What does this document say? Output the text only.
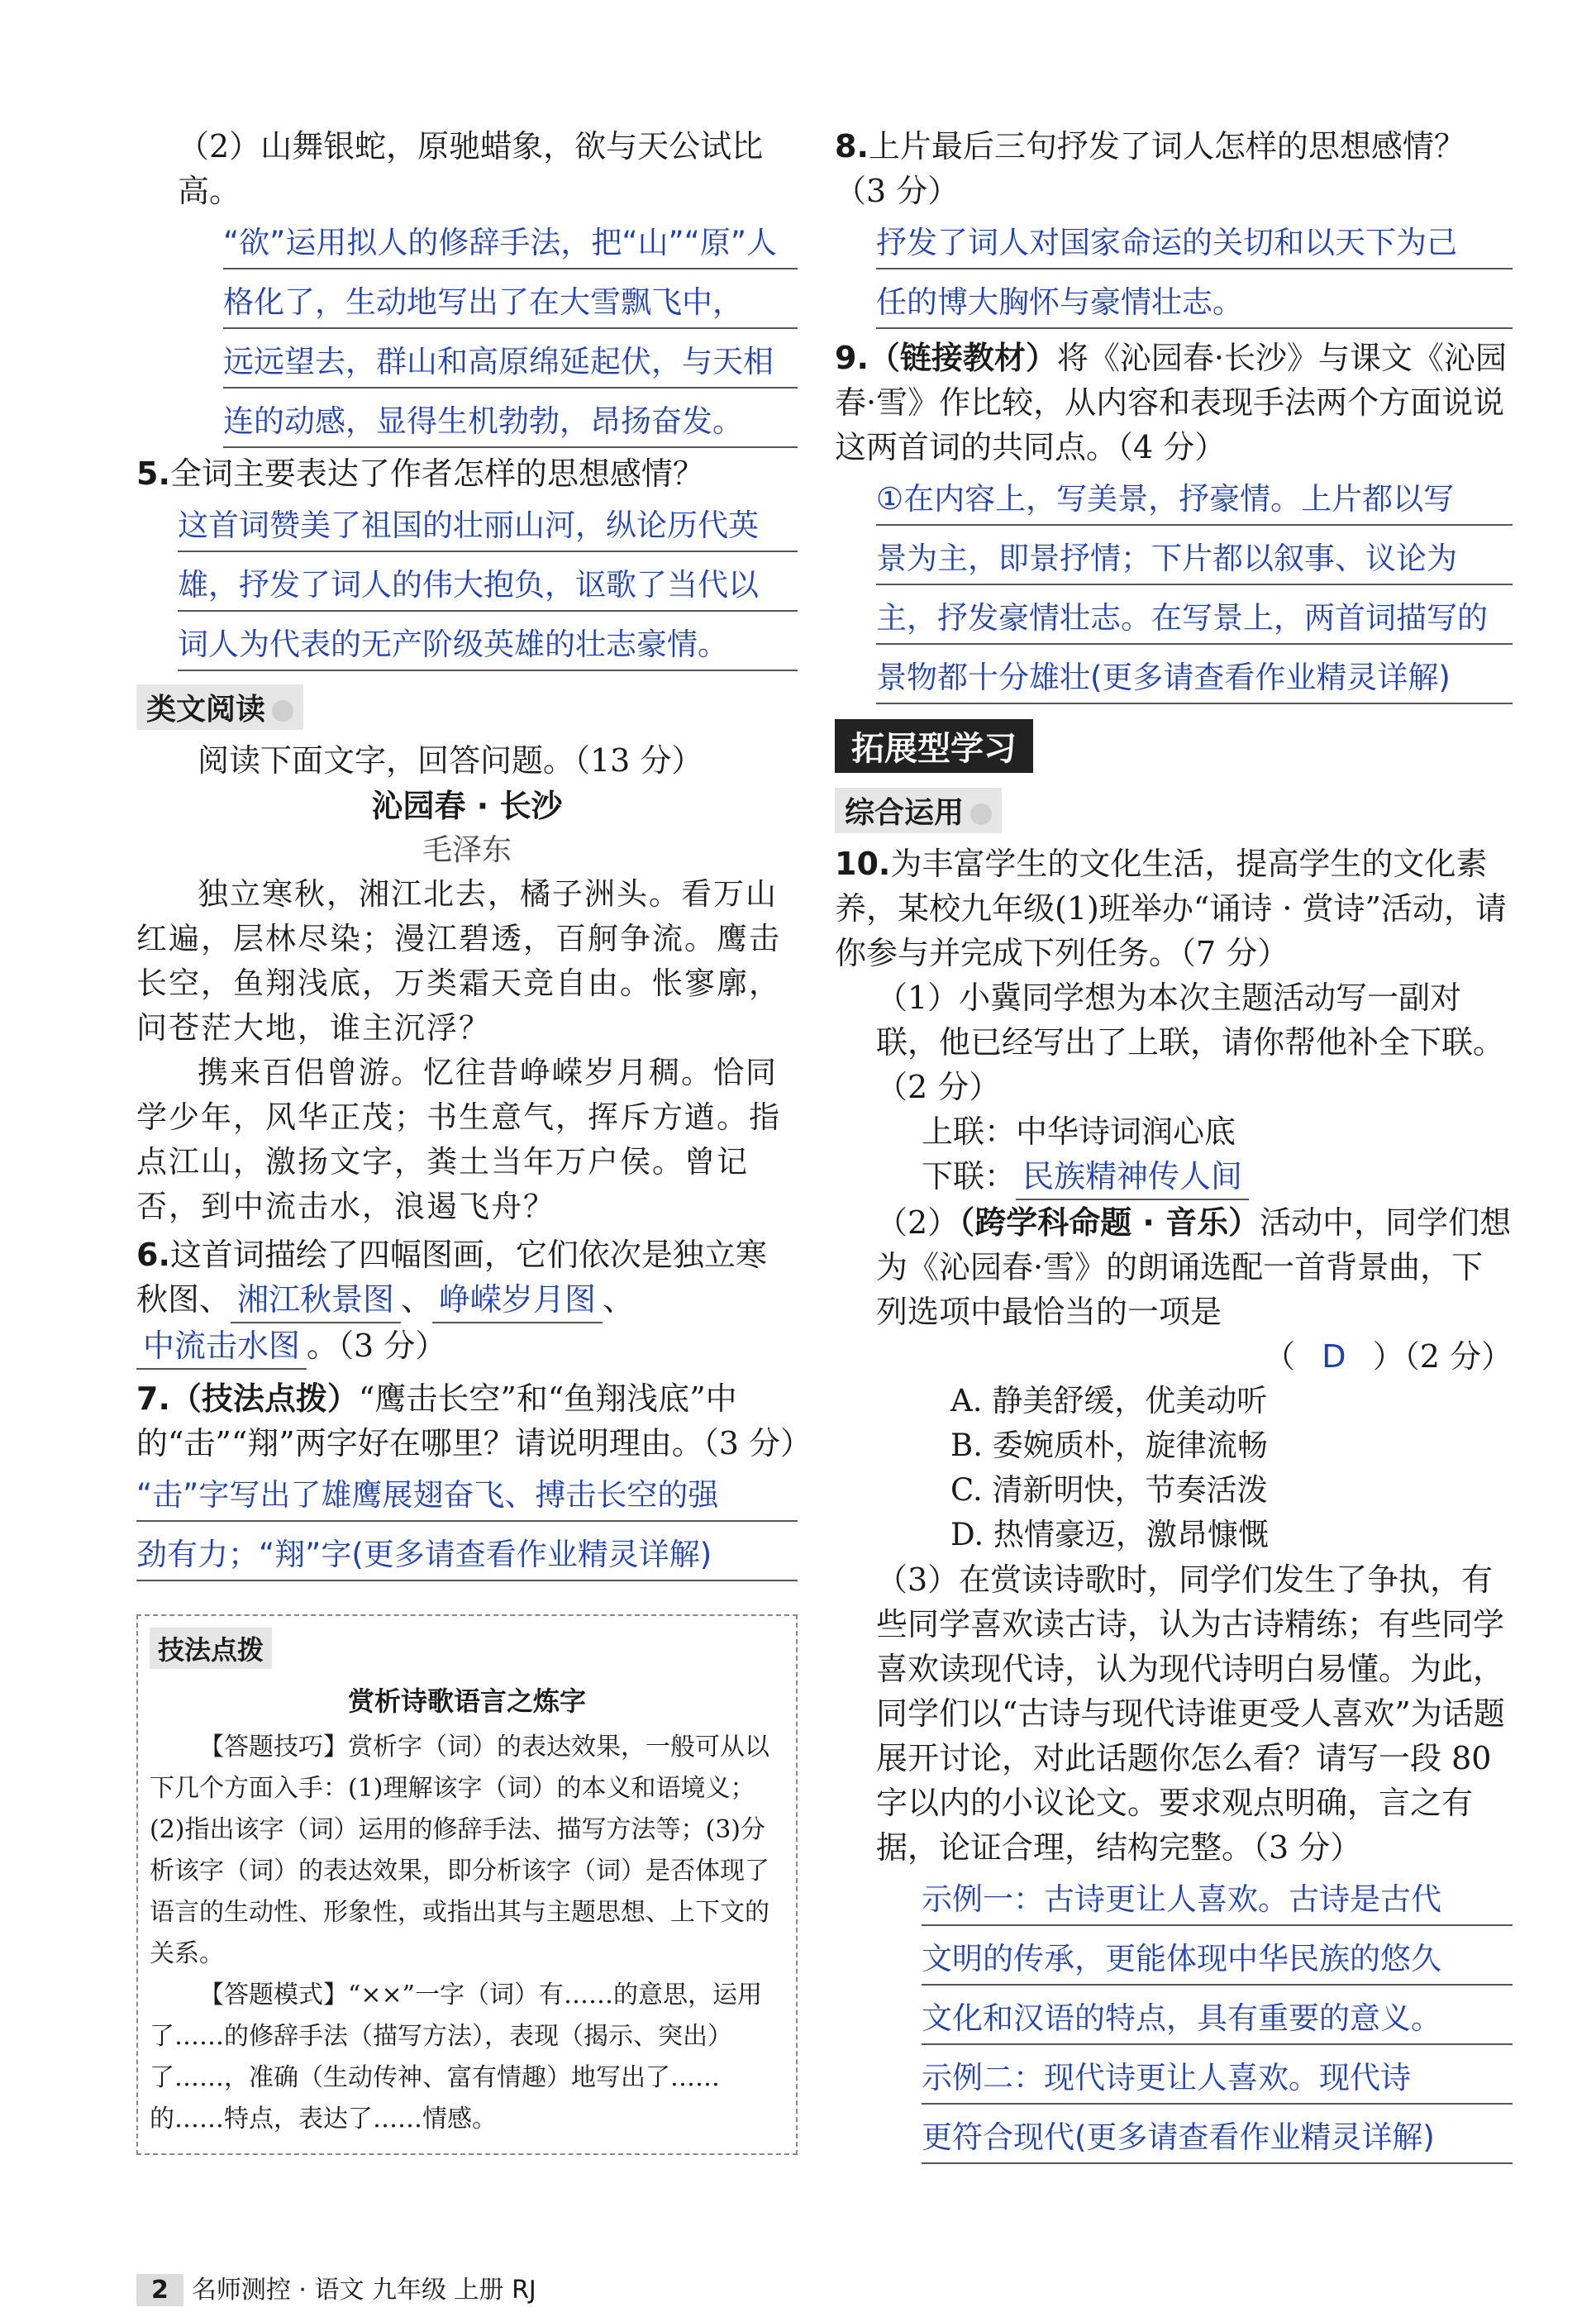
（2）山舞银蛇，原驰蜡象，欲与天公试比高。

“欲”运用拟人的修辞手法，把“山”“原”人

格化了，生动地写出了在大雪飘飞中，

远远望去，群山和高原绵延起伏，与天相

连的动感，显得生机勃勃，昂扬奋发。

5.全词主要表达了作者怎样的思想感情？

这首词赞美了祖国的壮丽山河，纵论历代英

雄，抒发了词人的伟大抱负，讴歌了当代以

词人为代表的无产阶级英雄的壮志豪情。

类文阅读

阅读下面文字，回答问题。（13 分）

沁园春 · 长沙
毛泽东

独立寒秋，湘江北去，橘子洲头。看万山红遍，层林尽染；漫江碧透，百舸争流。鹰击长空，鱼翔浅底，万类霜天竞自由。怅寥廓，问苍茫大地，谁主沉浮？

携来百侣曾游。忆往昔峥嵘岁月稠。恰同学少年，风华正茂；书生意气，挥斥方遒。指点江山，激扬文字，粪土当年万户侯。曾记否，到中流击水，浪遏飞舟？

6.这首词描绘了四幅图画，它们依次是独立寒秋图、 湘江秋景图 、 峥嵘岁月图 、中流击水图 。（3 分）

7.（技法点拨）“鹰击长空”和“鱼翔浅底”中的“击”“翔”两字好在哪里？请说明理由。（3 分）

“击”字写出了雄鹰展翅奋飞、搏击长空的强

劲有力；“翔”字(更多请查看作业精灵详解)

技法点拨
赏析诗歌语言之炼字

【答题技巧】赏析字（词）的表达效果，一般可从以下几个方面入手：(1)理解该字（词）的本义和语境义；(2)指出该字（词）运用的修辞手法、描写方法等；(3)分析该字（词）的表达效果，即分析该字（词）是否体现了语言的生动性、形象性，或指出其与主题思想、上下文的关系。

【答题模式】“××”一字（词）有……的意思，运用了……的修辞手法（描写方法），表现（揭示、突出）了……，准确（生动传神、富有情趣）地写出了……的……特点，表达了……情感。

8.上片最后三句抒发了词人怎样的思想感情？（3 分）

抒发了词人对国家命运的关切和以天下为己

任的博大胸怀与豪情壮志。

9.（链接教材）将《沁园春·长沙》与课文《沁园春·雪》作比较，从内容和表现手法两个方面说说这两首词的共同点。（4 分）

①在内容上，写美景，抒豪情。上片都以写

景为主，即景抒情；下片都以叙事、议论为

主，抒发豪情壮志。在写景上，两首词描写的

景物都十分雄壮(更多请查看作业精灵详解)

拓展型学习
综合运用

10.为丰富学生的文化生活，提高学生的文化素养，某校九年级(1)班举办“诵诗 · 赏诗”活动，请你参与并完成下列任务。（7 分）

（1）小冀同学想为本次主题活动写一副对联，他已经写出了上联，请你帮他补全下联。（2 分）

上联：中华诗词润心底

下联： 民族精神传人间

（2）（跨学科命题 · 音乐）活动中，同学们想为《沁园春·雪》的朗诵选配一首背景曲，下列选项中最恰当的一项是

（  D  ）（2 分）

A. 静美舒缓，优美动听

B. 委婉质朴，旋律流畅

C. 清新明快，节奏活泼

D. 热情豪迈，激昂慷慨

（3）在赏读诗歌时，同学们发生了争执，有些同学喜欢读古诗，认为古诗精练；有些同学喜欢读现代诗，认为现代诗明白易懂。为此，同学们以“古诗与现代诗谁更受人喜欢”为话题展开讨论，对此话题你怎么看？请写一段 80 字以内的小议论文。要求观点明确，言之有据，论证合理，结构完整。（3 分）

示例一：古诗更让人喜欢。古诗是古代

文明的传承，更能体现中华民族的悠久

文化和汉语的特点，具有重要的意义。

示例二：现代诗更让人喜欢。现代诗

更符合现代(更多请查看作业精灵详解)

2 名师测控 · 语文 九年级 上册 RJ
